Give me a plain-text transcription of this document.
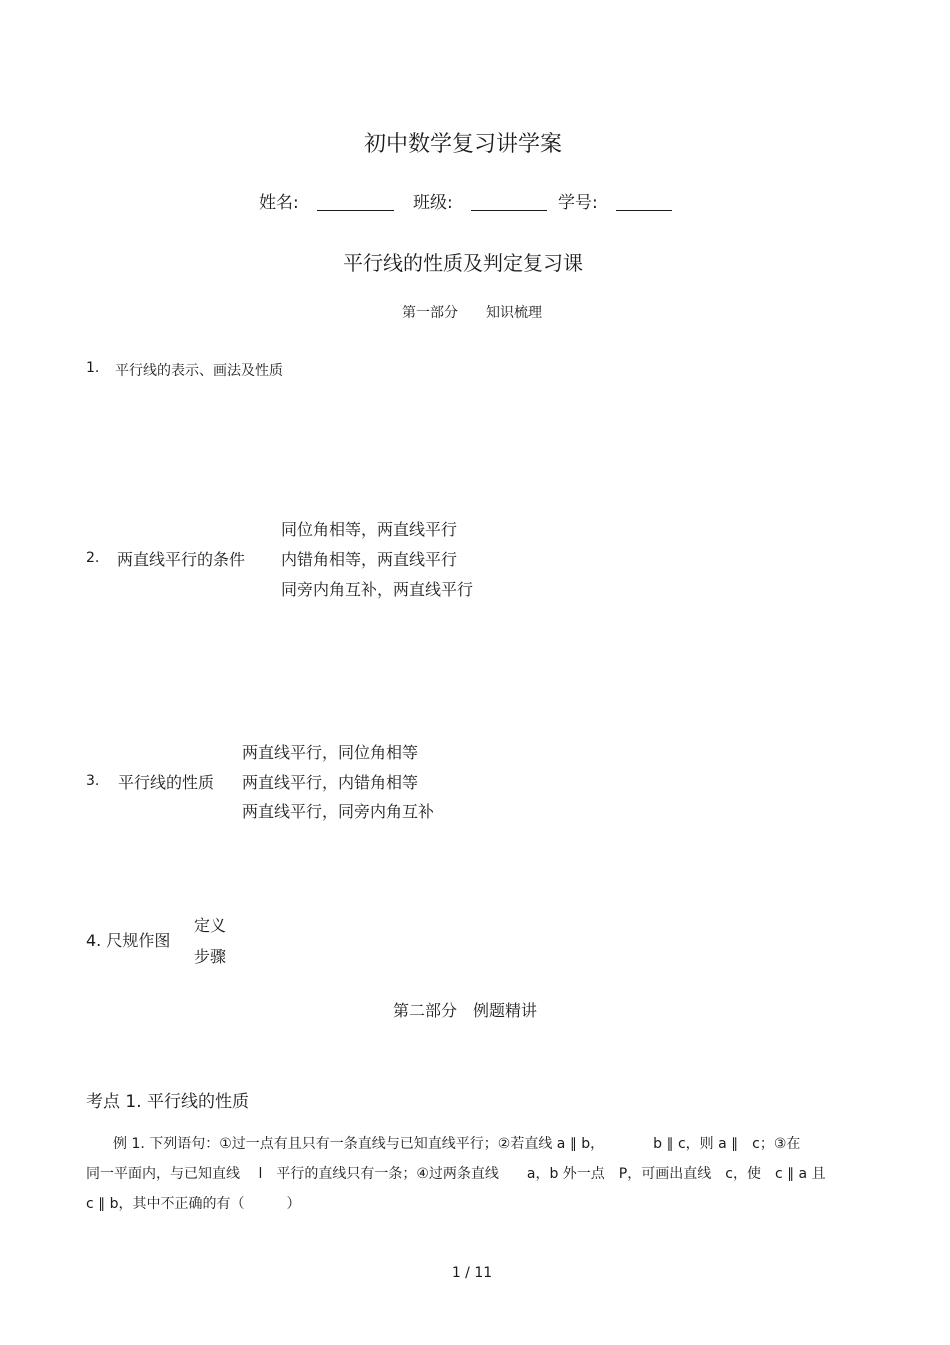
初中数学复习讲学案
姓名:	班级:	学号:
平行线的性质及判定复习课
第一部分　　知识梳理
1. 平行线的表示、画法及性质
同位角相等，两直线平行
2. 两直线平行的条件 内错角相等，两直线平行
同旁内角互补，两直线平行
两直线平行，同位角相等
3. 平行线的性质 两直线平行，内错角相等
两直线平行，同旁内角互补
定义
4. 尺规作图
步骤
第二部分　例题精讲
考点 1. 平行线的性质
例 1. 下列语句：①过一点有且只有一条直线与已知直线平行；②若直线 a ∥ b，　　　　b ∥ c，则 a ∥　c；③在
同一平面内，与已知直线　 l　平行的直线只有一条；④过两条直线　　a，b 外一点　P，可画出直线　c，使　c ∥ a 且
c ∥ b，其中不正确的有（　　　）
1 / 11
